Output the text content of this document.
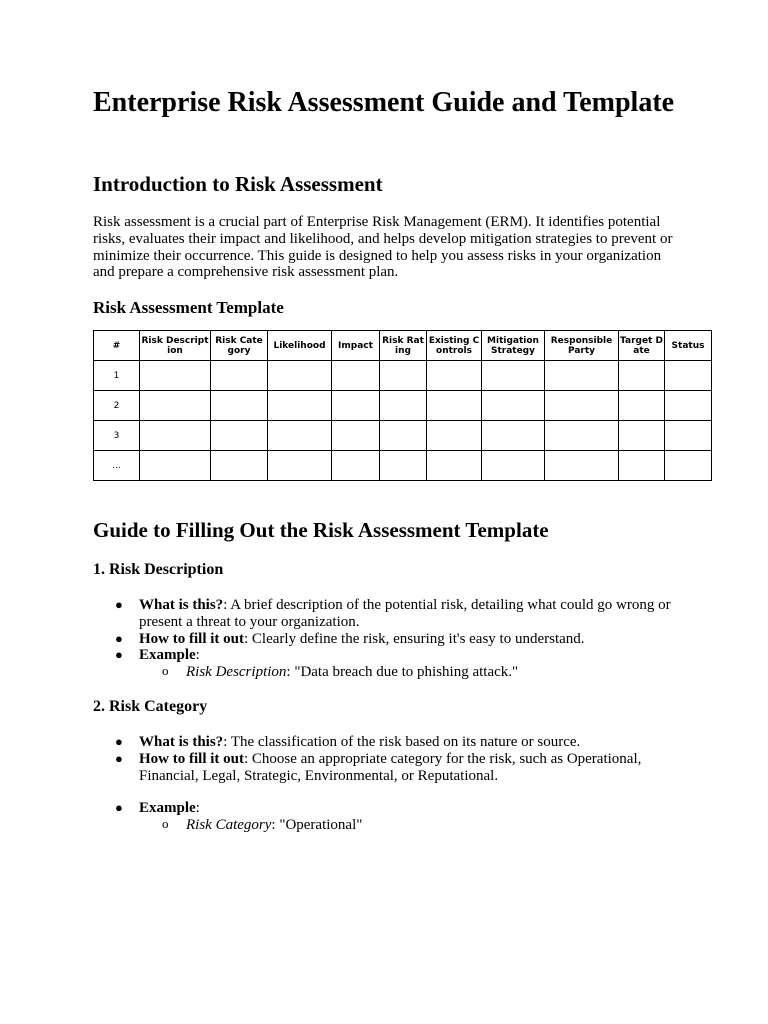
Enterprise Risk Assessment Guide and Template
Introduction to Risk Assessment

Risk assessment is a crucial part of Enterprise Risk Management (ERM). It identifies potential risks, evaluates their impact and likelihood, and helps develop mitigation strategies to prevent or minimize their occurrence. This guide is designed to help you assess risks in your organization and prepare a comprehensive risk assessment plan.

Risk Assessment Template
#	Risk Description	Risk Category	Likelihood	Impact	Risk Rating	Existing Controls	Mitigation Strategy	Responsible Party	Target Date	Status
1										
2										
3										
...										
Guide to Filling Out the Risk Assessment Template
1. Risk Description
● What is this?: A brief description of the potential risk, detailing what could go wrong or present a threat to your organization.
● How to fill it out: Clearly define the risk, ensuring it's easy to understand.
● Example:
o Risk Description: "Data breach due to phishing attack."
2. Risk Category
● What is this?: The classification of the risk based on its nature or source.
● How to fill it out: Choose an appropriate category for the risk, such as Operational, Financial, Legal, Strategic, Environmental, or Reputational.
● Example:
o Risk Category: "Operational"
